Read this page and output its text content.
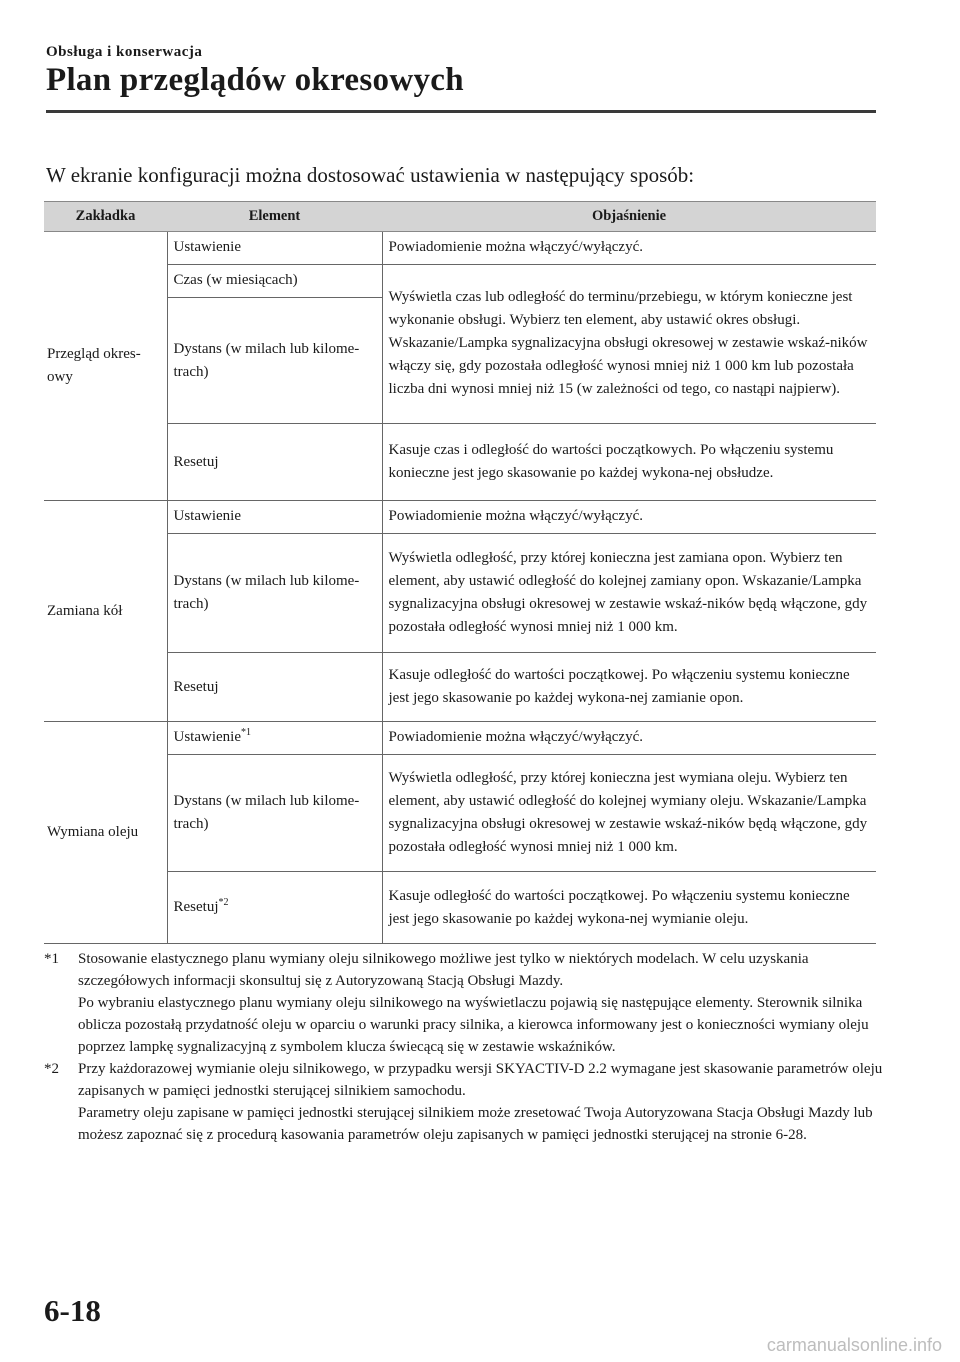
Obsługa i konserwacja
Plan przeglądów okresowych
W ekranie konfiguracji można dostosować ustawienia w następujący sposób:
Zakładka	Element	Objaśnienie
Przegląd okres-owy	Ustawienie	Powiadomienie można włączyć/wyłączyć.
	Czas (w miesiącach)	Wyświetla czas lub odległość do terminu/przebiegu, w którym konieczne jest wykonanie obsługi. Wybierz ten element, aby ustawić okres obsługi. Wskazanie/Lampka sygnalizacyjna obsługi okresowej w zestawie wskaź-ników włączy się, gdy pozostała odległość wynosi mniej niż 1 000 km lub pozostała liczba dni wynosi mniej niż 15 (w zależności od tego, co nastąpi najpierw).
	Dystans (w milach lub kilome-trach)	
	Resetuj	Kasuje czas i odległość do wartości początkowych. Po włączeniu systemu konieczne jest jego skasowanie po każdej wykona-nej obsłudze.
Zamiana kół	Ustawienie	Powiadomienie można włączyć/wyłączyć.
	Dystans (w milach lub kilome-trach)	Wyświetla odległość, przy której konieczna jest zamiana opon. Wybierz ten element, aby ustawić odległość do kolejnej zamiany opon. Wskazanie/Lampka sygnalizacyjna obsługi okresowej w zestawie wskaź-ników będą włączone, gdy pozostała odległość wynosi mniej niż 1 000 km.
	Resetuj	Kasuje odległość do wartości początkowej. Po włączeniu systemu konieczne jest jego skasowanie po każdej wykona-nej zamianie opon.
Wymiana oleju	Ustawienie$^{*1}$	Powiadomienie można włączyć/wyłączyć.
	Dystans (w milach lub kilome-trach)	Wyświetla odległość, przy której konieczna jest wymiana oleju. Wybierz ten element, aby ustawić odległość do kolejnej wymiany oleju. Wskazanie/Lampka sygnalizacyjna obsługi okresowej w zestawie wskaź-ników będą włączone, gdy pozostała odległość wynosi mniej niż 1 000 km.
	Resetuj$^{*2}$	Kasuje odległość do wartości początkowej. Po włączeniu systemu konieczne jest jego skasowanie po każdej wykona-nej wymianie oleju.
*1 Stosowanie elastycznego planu wymiany oleju silnikowego możliwe jest tylko w niektórych modelach. W celu uzyskania szczegółowych informacji skonsultuj się z Autoryzowaną Stacją Obsługi Mazdy.
Po wybraniu elastycznego planu wymiany oleju silnikowego na wyświetlaczu pojawią się następujące elementy. Sterownik silnika oblicza pozostałą przydatność oleju w oparciu o warunki pracy silnika, a kierowca informowany jest o konieczności wymiany oleju poprzez lampkę sygnalizacyjną z symbolem klucza świecącą się w zestawie wskaźników.
*2 Przy każdorazowej wymianie oleju silnikowego, w przypadku wersji SKYACTIV-D 2.2 wymagane jest skasowanie parametrów oleju zapisanych w pamięci jednostki sterującej silnikiem samochodu.
Parametry oleju zapisane w pamięci jednostki sterującej silnikiem może zresetować Twoja Autoryzowana Stacja Obsługi Mazdy lub możesz zapoznać się z procedurą kasowania parametrów oleju zapisanych w pamięci jednostki sterującej na stronie 6-28.
6-18
carmanualsonline.info
